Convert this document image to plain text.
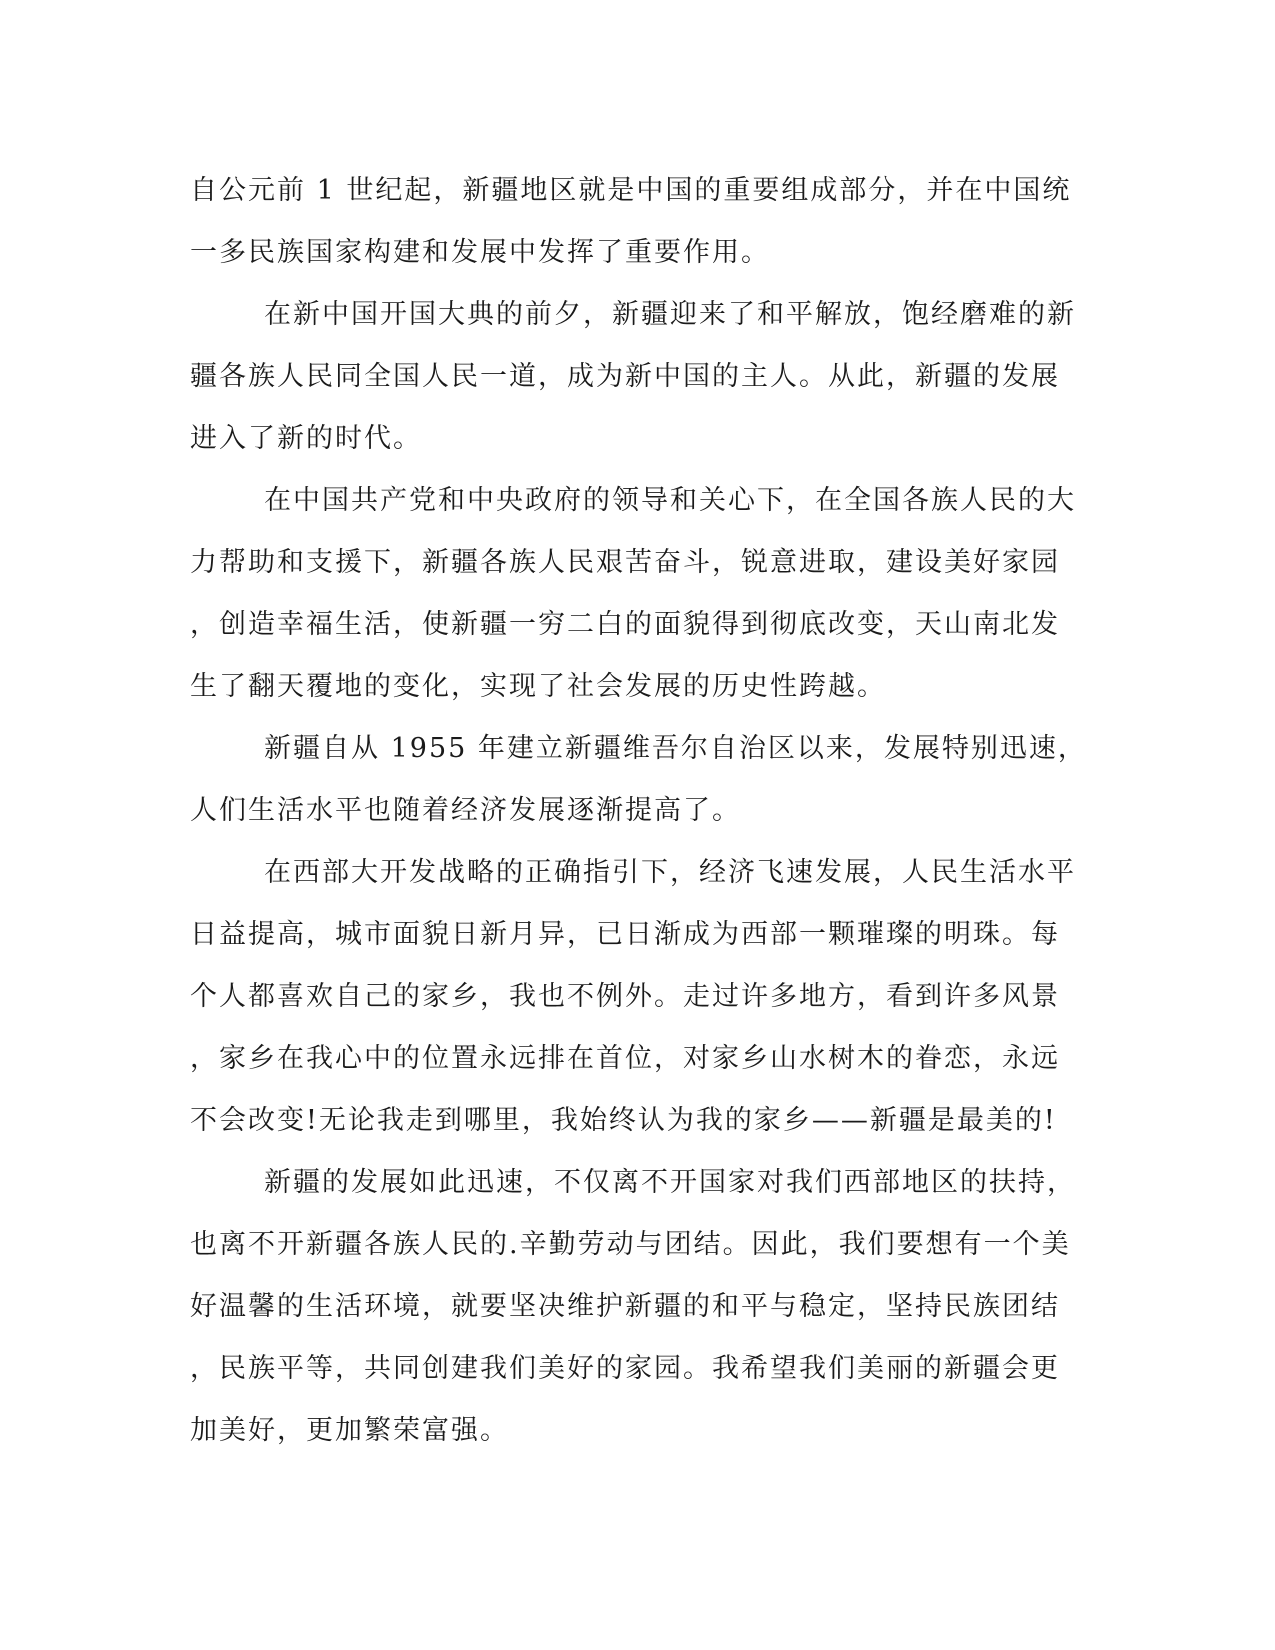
自公元前 1 世纪起，新疆地区就是中国的重要组成部分，并在中国统
一多民族国家构建和发展中发挥了重要作用。
在新中国开国大典的前夕，新疆迎来了和平解放，饱经磨难的新
疆各族人民同全国人民一道，成为新中国的主人。从此，新疆的发展
进入了新的时代。
在中国共产党和中央政府的领导和关心下，在全国各族人民的大
力帮助和支援下，新疆各族人民艰苦奋斗，锐意进取，建设美好家园
，创造幸福生活，使新疆一穷二白的面貌得到彻底改变，天山南北发
生了翻天覆地的变化，实现了社会发展的历史性跨越。
新疆自从 1955 年建立新疆维吾尔自治区以来，发展特别迅速，
人们生活水平也随着经济发展逐渐提高了。
在西部大开发战略的正确指引下，经济飞速发展，人民生活水平
日益提高，城市面貌日新月异，已日渐成为西部一颗璀璨的明珠。每
个人都喜欢自己的家乡，我也不例外。走过许多地方，看到许多风景
，家乡在我心中的位置永远排在首位，对家乡山水树木的眷恋，永远
不会改变!无论我走到哪里，我始终认为我的家乡——新疆是最美的!
新疆的发展如此迅速，不仅离不开国家对我们西部地区的扶持，
也离不开新疆各族人民的.辛勤劳动与团结。因此，我们要想有一个美
好温馨的生活环境，就要坚决维护新疆的和平与稳定，坚持民族团结
，民族平等，共同创建我们美好的家园。我希望我们美丽的新疆会更
加美好，更加繁荣富强。
